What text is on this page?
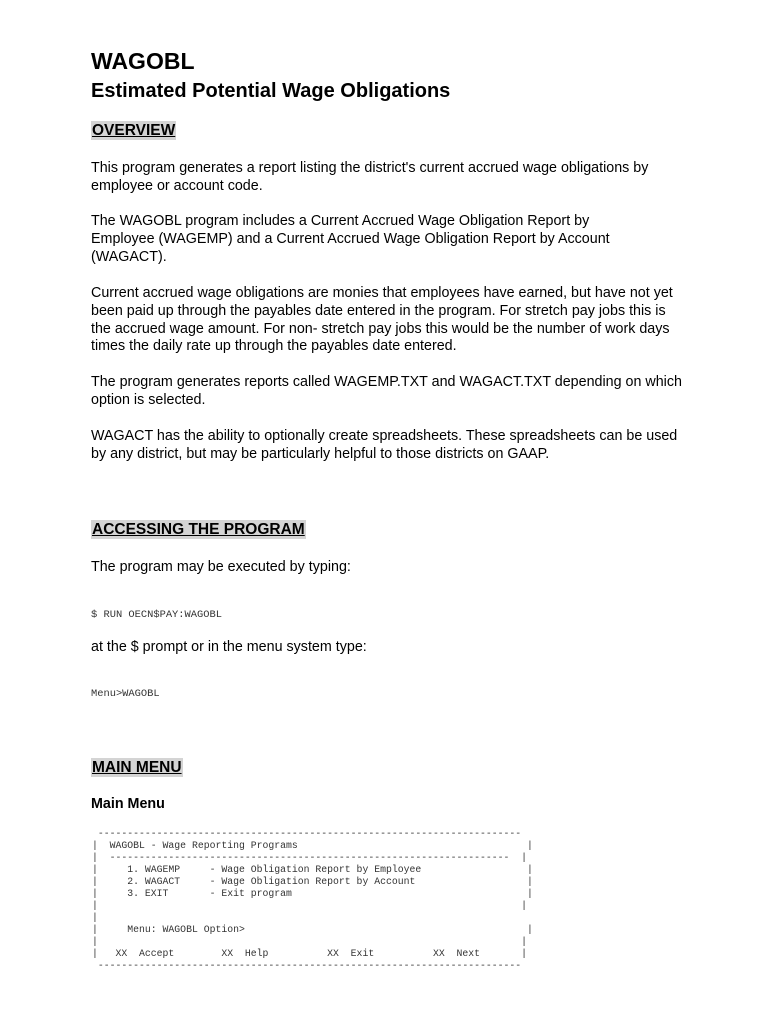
WAGOBL
Estimated Potential Wage Obligations
OVERVIEW

This program generates a report listing the district's current accrued wage obligations by employee or account code.

The WAGOBL program includes a Current Accrued Wage Obligation Report by Employee (WAGEMP) and a Current Accrued Wage Obligation Report by Account (WAGACT).

Current accrued wage obligations are monies that employees have earned, but have not yet been paid up through the payables date entered in the program. For stretch pay jobs this is the accrued wage amount. For non- stretch pay jobs this would be the number of work days times the daily rate up through the payables date entered.

The program generates reports called WAGEMP.TXT and WAGACT.TXT depending on which option is selected.

WAGACT has the ability to optionally create spreadsheets. These spreadsheets can be used by any district, but may be particularly helpful to those districts on GAAP.

ACCESSING THE PROGRAM

The program may be executed by typing:

$ RUN OECN$PAY:WAGOBL

at the $ prompt or in the menu system type:

Menu>WAGOBL

MAIN MENU

Main Menu

------------------------------------------------------------------------
|  WAGOBL - Wage Reporting Programs                                       |
|  --------------------------------------------------------------------  |
|     1. WAGEMP     - Wage Obligation Report by Employee                  |
|     2. WAGACT     - Wage Obligation Report by Account                   |
|     3. EXIT       - Exit program                                        |
|                                                                        |
|
|     Menu: WAGOBL Option>                                                |
|                                                                        |
|   XX  Accept        XX  Help          XX  Exit          XX  Next       |
------------------------------------------------------------------------
